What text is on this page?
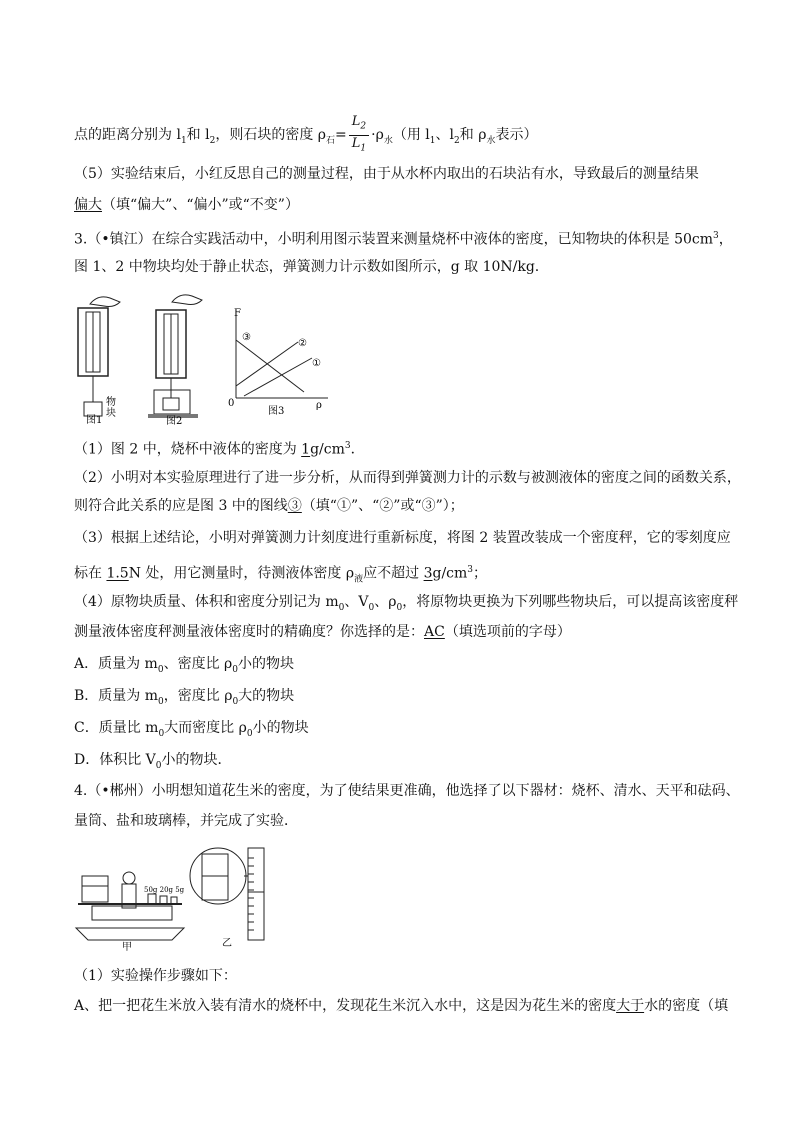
点的距离分别为 $l_1$和 $l_2$，则石块的密度 $\rho_石= \frac{L_2}{L_1} \cdot\rho_水$（用 $l_1$、$l_2$和 $\rho_水$表示）
（5）实验结束后，小红反思自己的测量过程，由于从水杯内取出的石块沾有水，导致最后的测量结果
偏大（填“偏大”、“偏小”或“不变”）
3.（•镇江）在综合实践活动中，小明利用图示装置来测量烧杯中液体的密度，已知物块的体积是 $50cm^3$，
图 1、2 中物块均处于静止状态，弹簧测力计示数如图所示，g 取 10N/kg.
物
块
图1	图2
F
0	ρ
③
②
①
图3
（1）图 2 中，烧杯中液体的密度为 $1g/cm^3$．
（2）小明对本实验原理进行了进一步分析，从而得到弹簧测力计的示数与被测液体的密度之间的函数关系，
则符合此关系的应是图 3 中的图线③（填“①”、“②”或“③”）；
（3）根据上述结论，小明对弹簧测力计刻度进行重新标度，将图 2 装置改装成一个密度秤，它的零刻度应
标在 1.5N 处，用它测量时，待测液体密度 $\rho_液$应不超过 $3g/cm^3$；
（4）原物块质量、体积和密度分别记为 $m_0$、$V_0$、$\rho_0$，将原物块更换为下列哪些物块后，可以提高该密度秤
测量液体密度秤测量液体密度时的精确度？你选择的是：AC（填选项前的字母）
A．质量为 $m_0$、密度比 $\rho_0$小的物块
B．质量为 $m_0$，密度比 $\rho_0$大的物块
C．质量比 $m_0$大而密度比 $\rho_0$小的物块
D．体积比 $V_0$小的物块．
4.（•郴州）小明想知道花生米的密度，为了使结果更准确，他选择了以下器材：烧杯、清水、天平和砝码、
量筒、盐和玻璃棒，并完成了实验．
50g 20g 5g
甲	乙
（1）实验操作步骤如下：
A、把一把花生米放入装有清水的烧杯中，发现花生米沉入水中，这是因为花生米的密度大于水的密度（填
